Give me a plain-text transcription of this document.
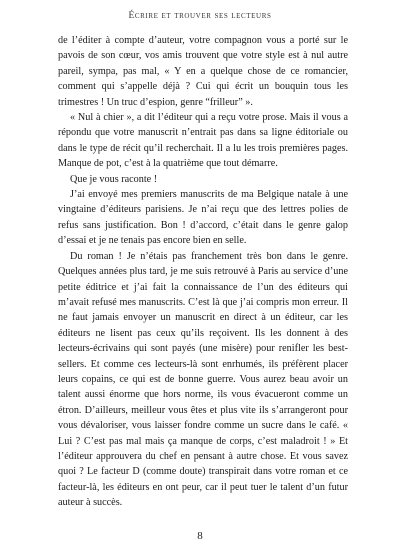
Écrire et trouver ses lecteurs

de l’éditer à compte d’auteur, votre compagnon vous a porté sur le pavois de son cœur, vos amis trouvent que votre style est à nul autre pareil, sympa, pas mal, « Y en a quelque chose de ce romancier, comment qui s’appelle déjà ? Cui qui écrit un bouquin tous les trimestres ! Un truc d’espion, genre “frilleur” ».

« Nul à chier », a dit l’éditeur qui a reçu votre prose. Mais il vous a répondu que votre manuscrit n’entrait pas dans sa ligne éditoriale ou dans le type de récit qu’il recherchait. Il a lu les trois premières pages. Manque de pot, c’est à la quatrième que tout démarre.

Que je vous raconte !

J’ai envoyé mes premiers manuscrits de ma Belgique natale à une vingtaine d’éditeurs parisiens. Je n’ai reçu que des lettres polies de refus sans justification. Bon ! d’accord, c’était dans le genre galop d’essai et je ne tenais pas encore bien en selle.

Du roman ! Je n’étais pas franchement très bon dans le genre. Quelques années plus tard, je me suis retrouvé à Paris au service d’une petite éditrice et j’ai fait la connaissance de l’un des éditeurs qui m’avait refusé mes manuscrits. C’est là que j’ai compris mon erreur. Il ne faut jamais envoyer un manuscrit en direct à un éditeur, car les éditeurs ne lisent pas ceux qu’ils reçoivent. Ils les donnent à des lecteurs-écrivains qui sont payés (une misère) pour renifler les best-sellers. Et comme ces lecteurs-là sont enrhumés, ils préfèrent placer leurs copains, ce qui est de bonne guerre. Vous aurez beau avoir un talent aussi énorme que hors norme, ils vous évacueront comme un étron. D’ailleurs, meilleur vous êtes et plus vite ils s’arrangeront pour vous dévaloriser, vous laisser fondre comme un sucre dans le café. « Lui ? C’est pas mal mais ça manque de corps, c’est maladroit ! » Et l’éditeur approuvera du chef en pensant à autre chose. Et vous savez quoi ? Le facteur D (comme doute) transpirait dans votre roman et ce facteur-là, les éditeurs en ont peur, car il peut tuer le talent d’un futur auteur à succès.

8
